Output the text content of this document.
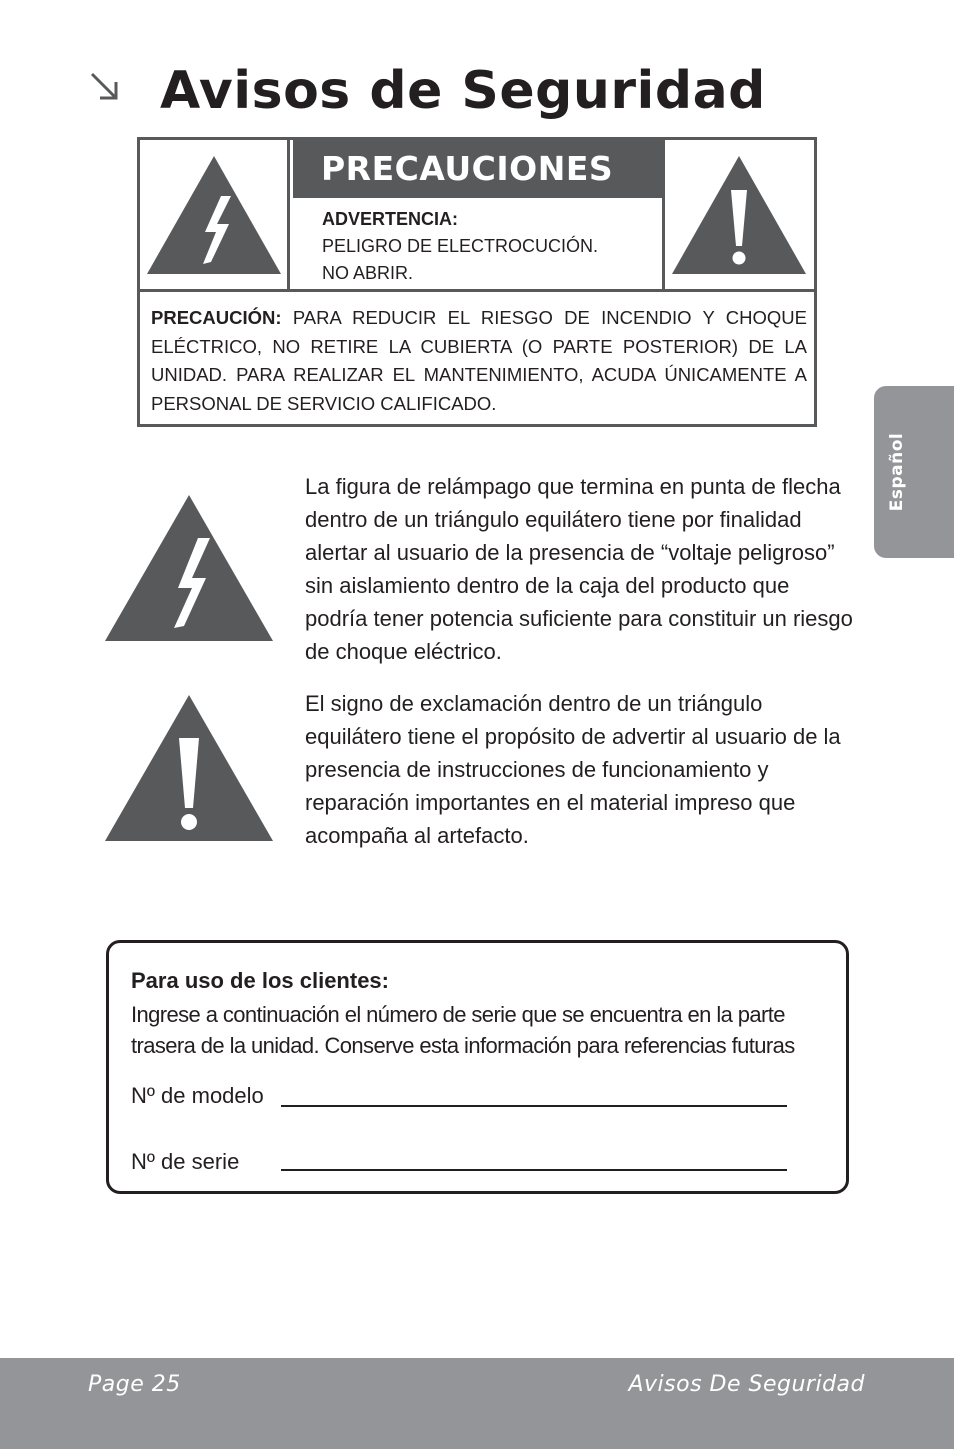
Avisos de Seguridad
PRECAUCIONES
ADVERTENCIA:
PELIGRO DE ELECTROCUCIÓN.
NO ABRIR.
PRECAUCIÓN: PARA REDUCIR EL RIESGO DE INCENDIO Y CHOQUE ELÉCTRICO, NO RETIRE LA CUBIERTA (O PARTE POSTERIOR) DE LA UNIDAD. PARA REALIZAR EL MANTENIMIENTO, ACUDA ÚNICAMENTE A PERSONAL DE SERVICIO CALIFICADO.

La figura de relámpago que termina en punta de flecha dentro de un triángulo equilátero tiene por finalidad alertar al usuario de la presencia de “voltaje peligroso” sin aislamiento dentro de la caja del producto que podría tener potencia suficiente para constituir un riesgo de choque eléctrico.

El signo de exclamación dentro de un triángulo equilátero tiene el propósito de advertir al usuario de la presencia de instrucciones de funcionamiento y reparación importantes en el material impreso que acompaña al artefacto.

Para uso de los clientes:
Ingrese a continuación el número de serie que se encuentra en la parte trasera de la unidad. Conserve esta información para referencias futuras
Nº de modelo
Nº de serie
Español
Page 25	Avisos De Seguridad
